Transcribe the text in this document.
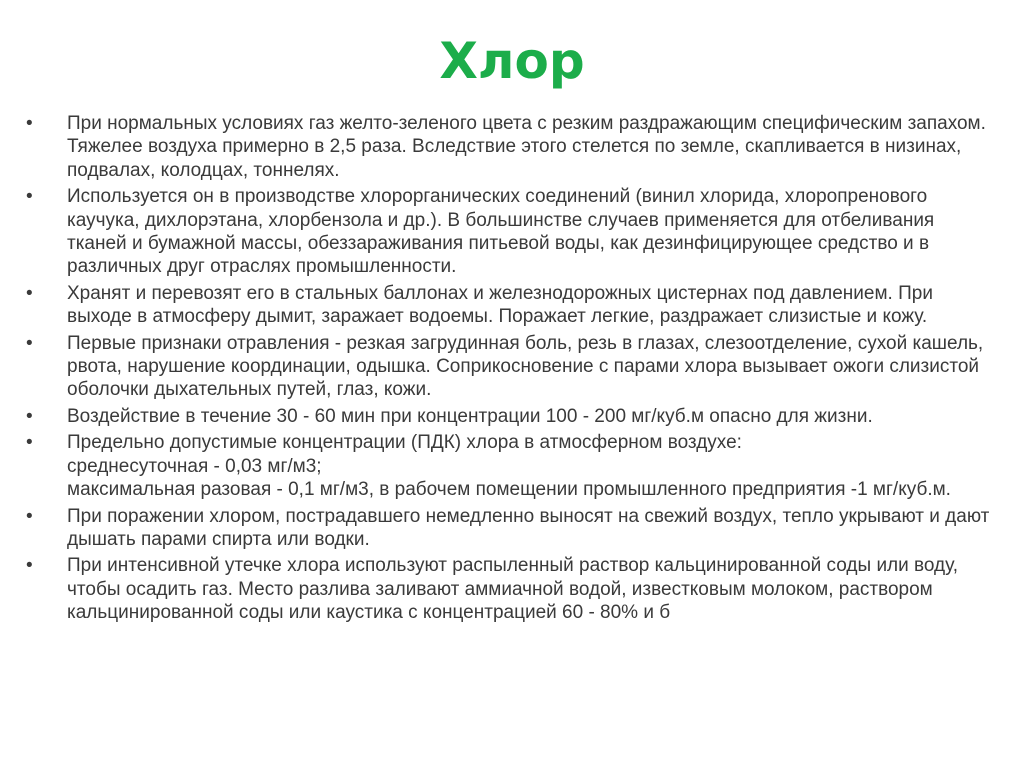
Хлор
•	При нормальных условиях газ желто-зеленого цвета с резким раздражающим специфическим запахом. Тяжелее воздуха примерно в 2,5 раза. Вследствие этого стелется по земле, скапливается в низинах, подвалах, колодцах, тоннелях.
•	Используется он в производстве хлорорганических соединений (винил хлорида, хлоропренового каучука, дихлорэтана, хлорбензола и др.). В большинстве случаев применяется для отбеливания тканей и бумажной массы, обеззараживания питьевой воды, как дезинфицирующее средство и в различных друг отраслях промышленности.
•	Хранят и перевозят его в стальных баллонах и железнодорожных цистернах под давлением. При выходе в атмосферу дымит, заражает водоемы. Поражает легкие, раздражает слизистые и кожу.
•	Первые признаки отравления - резкая загрудинная боль, резь в глазах, слезоотделение, сухой кашель, рвота, нарушение координации, одышка. Соприкосновение с парами хлора вызывает ожоги слизистой оболочки дыхательных путей, глаз, кожи.
•	Воздействие в течение 30 - 60 мин при концентрации 100 - 200 мг/куб.м опасно для жизни.
•	Предельно допустимые концентрации (ПДК) хлора в атмосферном воздухе:
среднесуточная - 0,03 мг/м3;
максимальная разовая - 0,1 мг/м3, в рабочем помещении промышленного предприятия -1 мг/куб.м.
•	При поражении хлором, пострадавшего немедленно выносят на свежий воздух, тепло укрывают и дают дышать парами спирта или водки.
•	При интенсивной утечке хлора используют распыленный раствор кальцинированной соды или воду, чтобы осадить газ. Место разлива заливают аммиачной водой, известковым молоком, раствором кальцинированной соды или каустика с концентрацией 60 - 80% и б
